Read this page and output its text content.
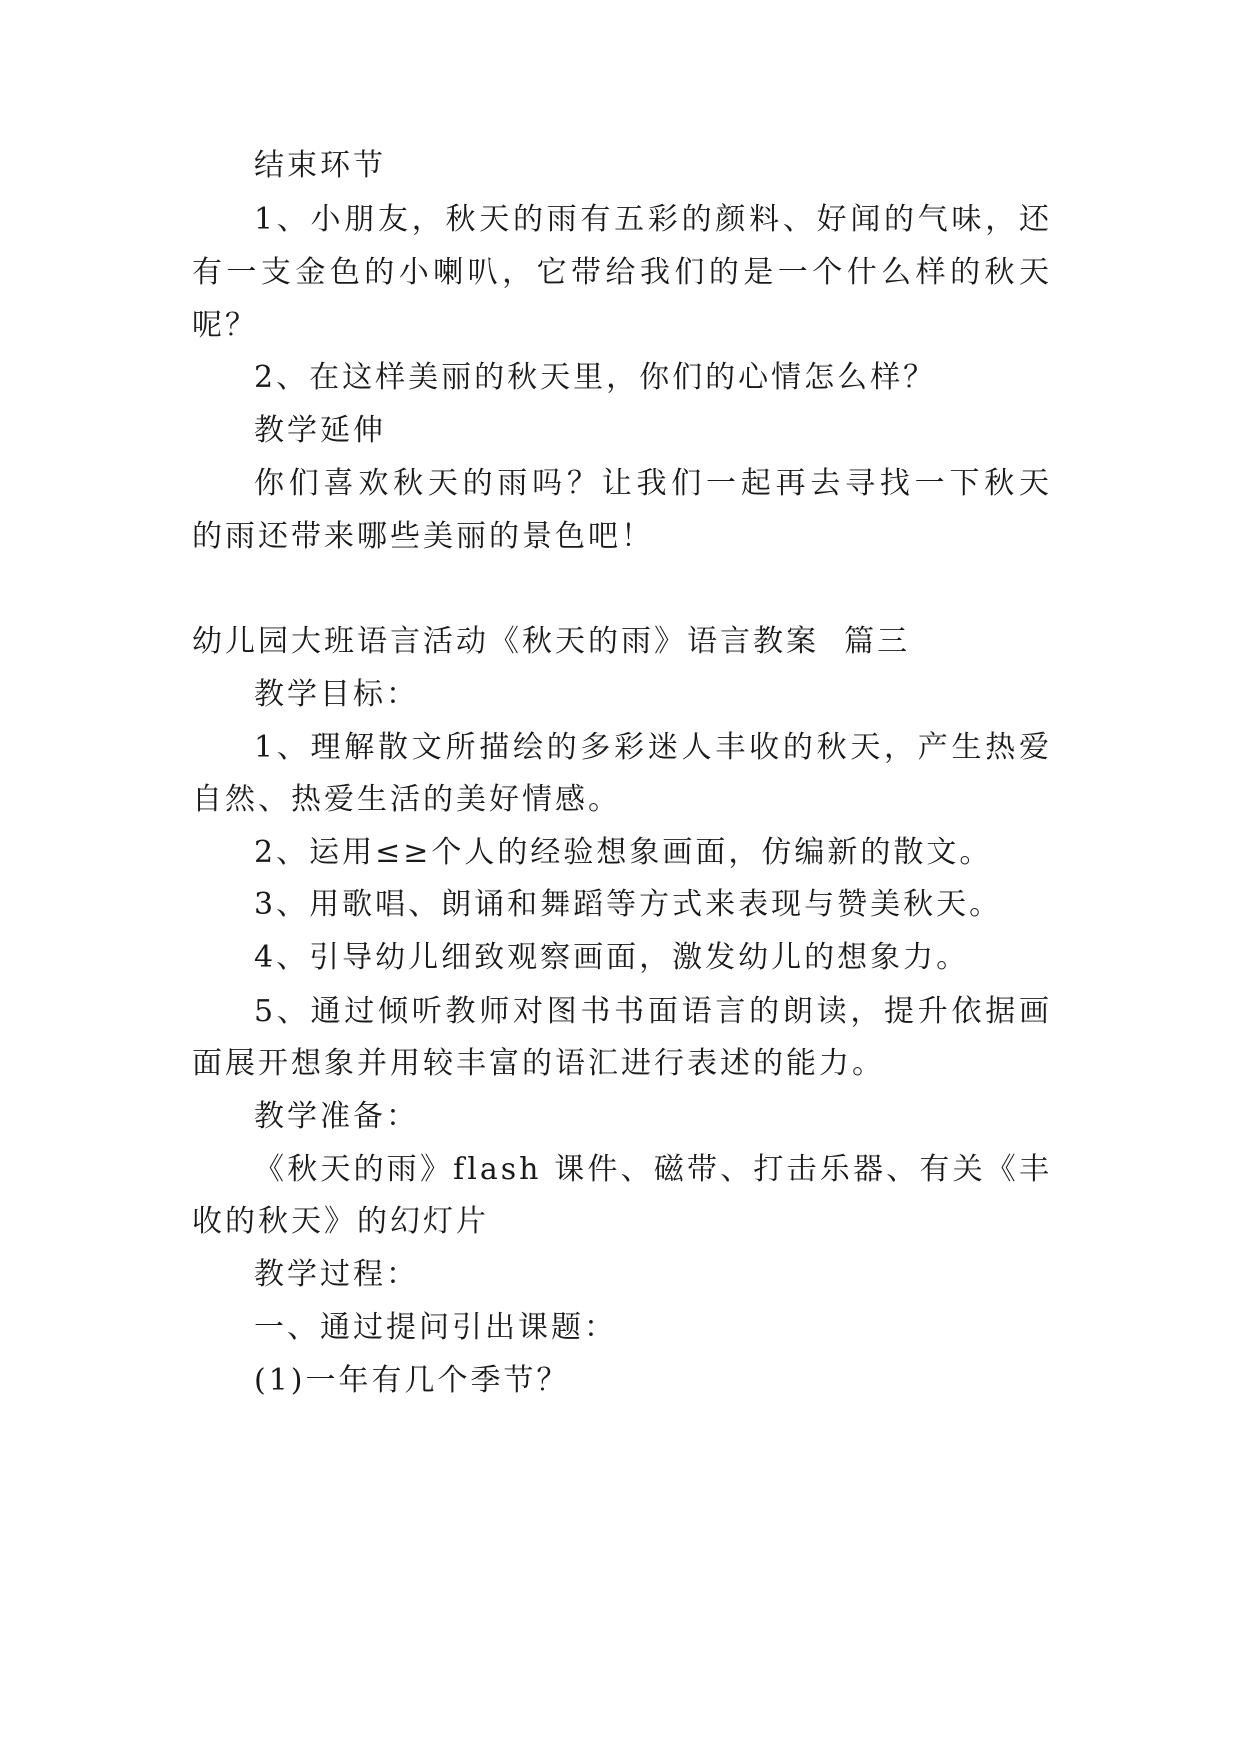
结束环节
1、小朋友，秋天的雨有五彩的颜料、好闻的气味，还
有一支金色的小喇叭，它带给我们的是一个什么样的秋天
呢？
2、在这样美丽的秋天里，你们的心情怎么样？
教学延伸
你们喜欢秋天的雨吗？让我们一起再去寻找一下秋天
的雨还带来哪些美丽的景色吧！
幼儿园大班语言活动《秋天的雨》语言教案  篇三
教学目标：
1、理解散文所描绘的多彩迷人丰收的秋天，产生热爱
自然、热爱生活的美好情感。
2、运用≤≥个人的经验想象画面，仿编新的散文。
3、用歌唱、朗诵和舞蹈等方式来表现与赞美秋天。
4、引导幼儿细致观察画面，激发幼儿的想象力。
5、通过倾听教师对图书书面语言的朗读，提升依据画
面展开想象并用较丰富的语汇进行表述的能力。
教学准备：
《秋天的雨》flash 课件、磁带、打击乐器、有关《丰
收的秋天》的幻灯片
教学过程：
一、通过提问引出课题：
(1)一年有几个季节？
